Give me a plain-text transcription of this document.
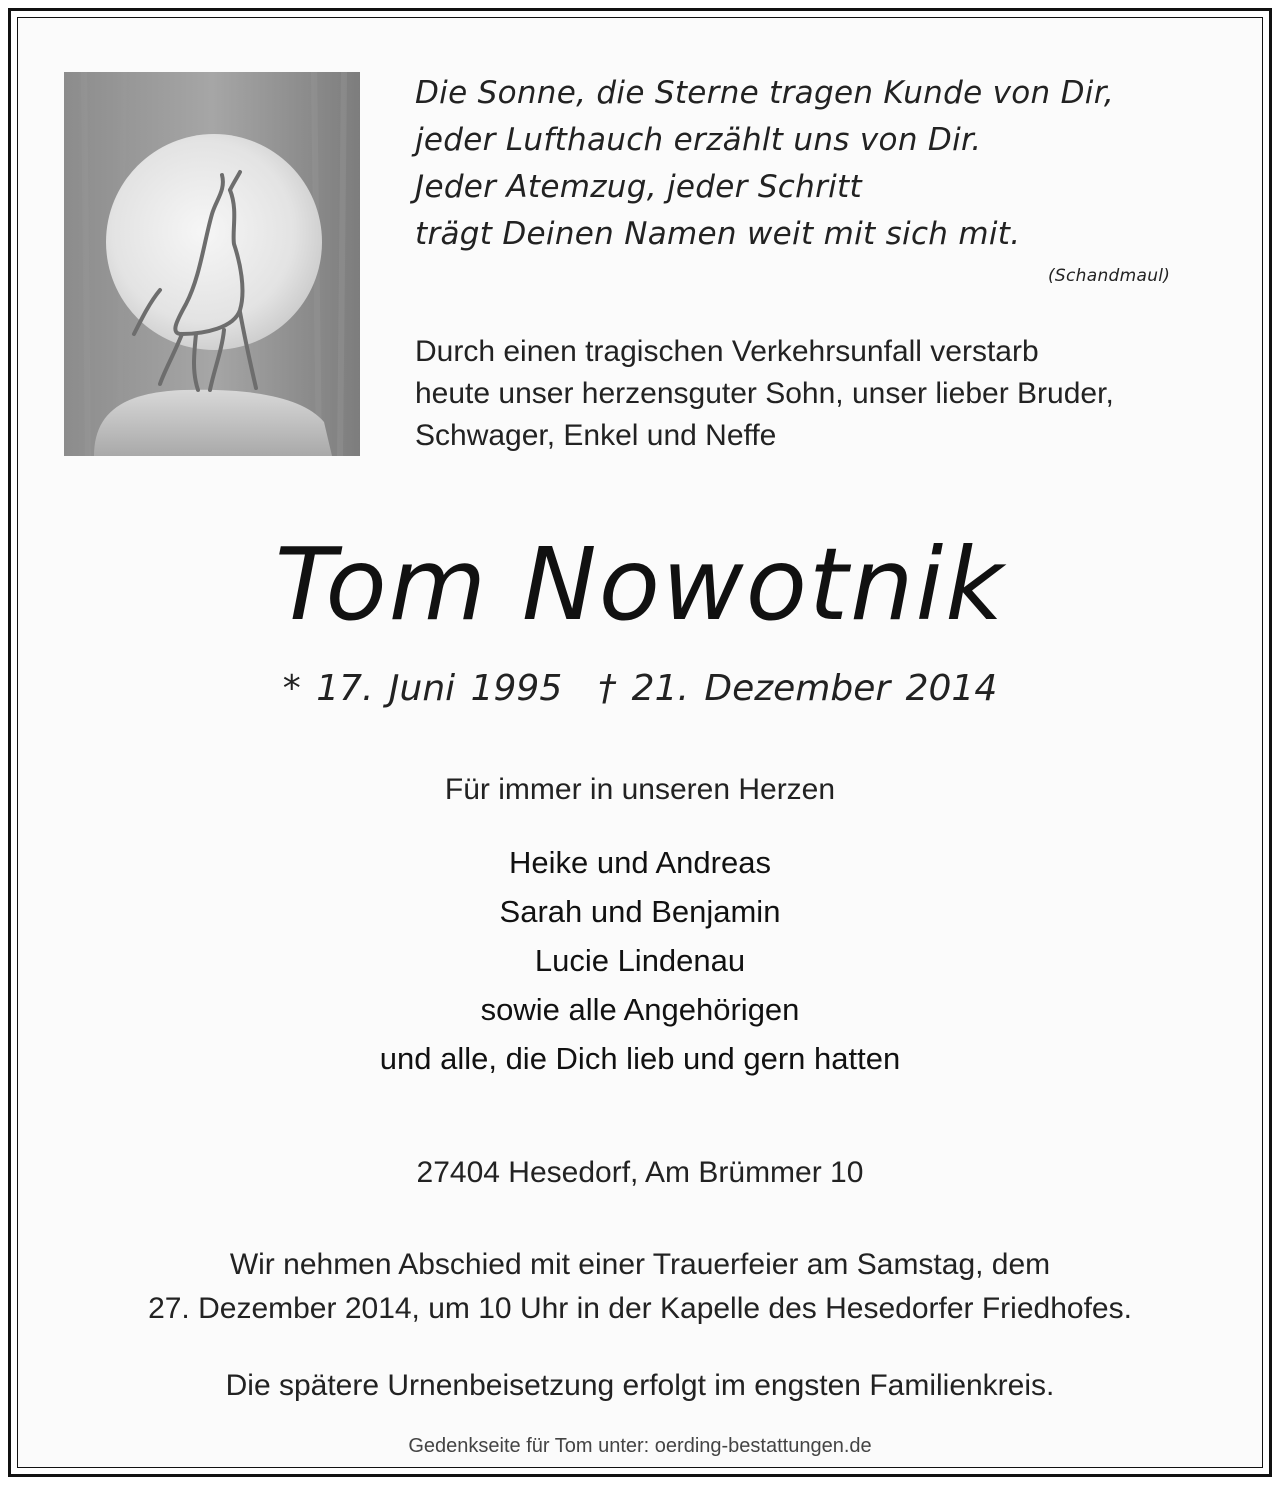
Die Sonne, die Sterne tragen Kunde von Dir,
jeder Lufthauch erzählt uns von Dir.
Jeder Atemzug, jeder Schritt
trägt Deinen Namen weit mit sich mit.
(Schandmaul)
Durch einen tragischen Verkehrsunfall verstarb
heute unser herzensguter Sohn, unser lieber Bruder,
Schwager, Enkel und Neffe
Tom Nowotnik
* 17. Juni 1995 † 21. Dezember 2014
Für immer in unseren Herzen
Heike und Andreas
Sarah und Benjamin
Lucie Lindenau
sowie alle Angehörigen
und alle, die Dich lieb und gern hatten
27404 Hesedorf, Am Brümmer 10
Wir nehmen Abschied mit einer Trauerfeier am Samstag, dem
27. Dezember 2014, um 10 Uhr in der Kapelle des Hesedorfer Friedhofes.
Die spätere Urnenbeisetzung erfolgt im engsten Familienkreis.
Gedenkseite für Tom unter: oerding-bestattungen.de
